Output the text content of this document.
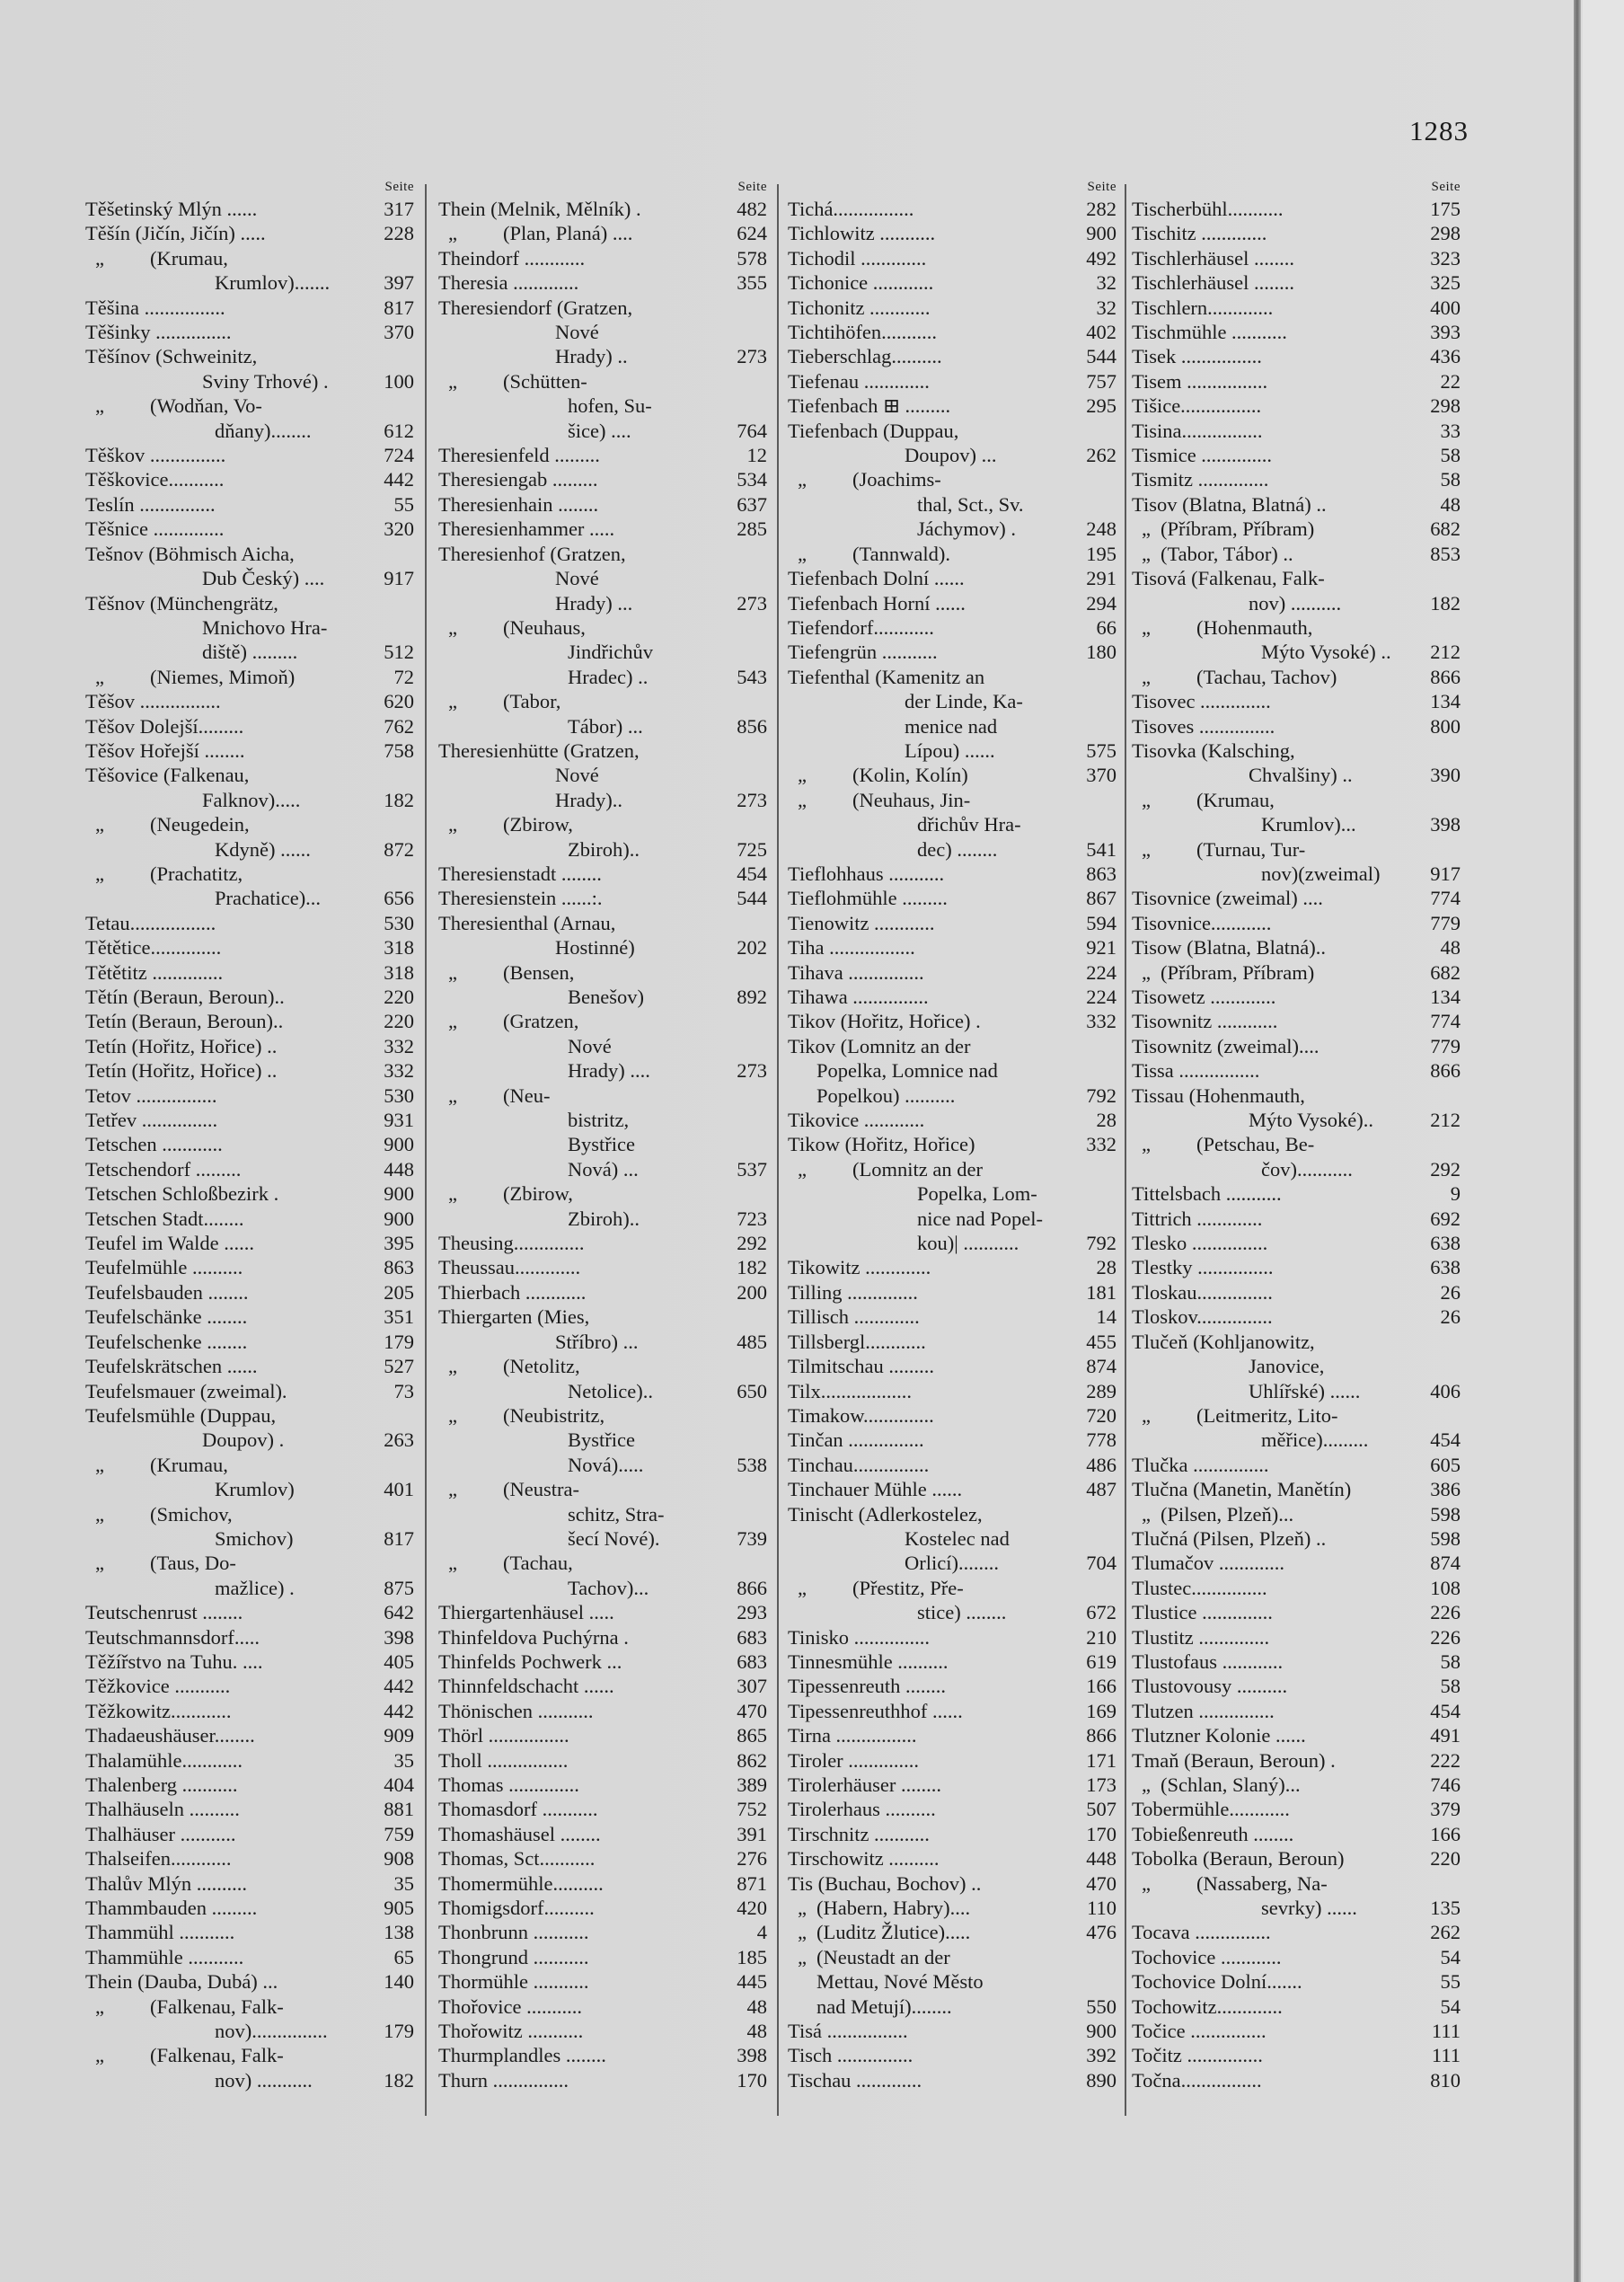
1283
Seite
Těšetinský Mlýn ......	317
Těšín (Jičín, Jičín) .....	228
„ (Krumau,
Krumlov).......	397
Těšina ................	817
Těšinky ...............	370
Těšínov (Schweinitz,
Sviny Trhové) .	100
„ (Wodňan, Vo-
dňany)........	612
Těškov ...............	724
Těškovice...........	442
Teslín ...............	55
Těšnice ..............	320
Tešnov (Böhmisch Aicha,
Dub Český) ....	917
Těšnov (Münchengrätz,
Mnichovo Hra-
diště) .........	512
„	(Niemes, Mimoň)	72
Těšov ................	620
Těšov Dolejší.........	762
Těšov Hořejší ........	758
Těšovice (Falkenau,
Falknov).....	182
„ (Neugedein,
Kdyně) ......	872
„ (Prachatitz,
Prachatice)...	656
Tetau.................	530
Tětětice..............	318
Tětětitz ..............	318
Tětín (Beraun, Beroun)..	220
Tetín (Beraun, Beroun)..	220
Tetín (Hořitz, Hořice) ..	332
Tetín (Hořitz, Hořice) ..	332
Tetov ................	530
Tetřev ...............	931
Tetschen ............	900
Tetschendorf .........	448
Tetschen Schloßbezirk .	900
Tetschen Stadt........	900
Teufel im Walde ......	395
Teufelmühle ..........	863
Teufelsbauden ........	205
Teufelschänke ........	351
Teufelschenke ........	179
Teufelskrätschen ......	527
Teufelsmauer (zweimal).	73
Teufelsmühle (Duppau,
Doupov) .	263
„ (Krumau,
Krumlov)	401
„ (Smichov,
Smichov)	817
„ (Taus, Do-
mažlice) .	875
Teutschenrust ........	642
Teutschmannsdorf.....	398
Těžířstvo na Tuhu. ....	405
Těžkovice ...........	442
Těžkowitz............	442
Thadaeushäuser........	909
Thalamühle............	35
Thalenberg ...........	404
Thalhäuseln ..........	881
Thalhäuser ...........	759
Thalseifen............	908
Thalův Mlýn ..........	35
Thammbauden .........	905
Thammühl ...........	138
Thammühle ...........	65
Thein (Dauba, Dubá) ...	140
„ (Falkenau, Falk-
nov)...............	179
„ (Falkenau, Falk-
nov) ...........	182
Seite
Thein (Melnik, Mělník) .	482
„	(Plan, Planá) ....	624
Theindorf ............	578
Theresia .............	355
Theresiendorf (Gratzen,
Nové
Hrady) ..	273
„ (Schütten-
hofen, Su-
šice) ....	764
Theresienfeld .........	12
Theresiengab .........	534
Theresienhain ........	637
Theresienhammer .....	285
Theresienhof (Gratzen,
Nové
Hrady) ...	273
„ (Neuhaus,
Jindřichův
Hradec) ..	543
„ (Tabor,
Tábor) ...	856
Theresienhütte (Gratzen,
Nové
Hrady)..	273
„ (Zbirow,
Zbiroh)..	725
Theresienstadt ........	454
Theresienstein ......:.	544
Theresienthal (Arnau,
Hostinné)	202
„ (Bensen,
Benešov)	892
„ (Gratzen,
Nové
Hrady) ....	273
„ (Neu-
bistritz,
Bystřice
Nová) ...	537
„ (Zbirow,
Zbiroh)..	723
Theusing..............	292
Theussau.............	182
Thierbach ............	200
Thiergarten (Mies,
Stříbro) ...	485
„ (Netolitz,
Netolice)..	650
„ (Neubistritz,
Bystřice
Nová).....	538
„ (Neustra-
schitz, Stra-
šecí Nové).	739
„ (Tachau,
Tachov)...	866
Thiergartenhäusel .....	293
Thinfeldova Puchýrna .	683
Thinfelds Pochwerk ...	683
Thinnfeldschacht ......	307
Thönischen ...........	470
Thörl ................	865
Tholl ................	862
Thomas ..............	389
Thomasdorf ...........	752
Thomashäusel ........	391
Thomas, Sct...........	276
Thomermühle..........	871
Thomigsdorf..........	420
Thonbrunn ...........	4
Thongrund ...........	185
Thormühle ...........	445
Thořovice ...........	48
Thořowitz ...........	48
Thurmplandles ........	398
Thurn ...............	170
Seite
Tichá................	282
Tichlowitz ...........	900
Tichodil .............	492
Tichonice ............	32
Tichonitz ............	32
Tichtihöfen...........	402
Tieberschlag..........	544
Tiefenau .............	757
Tiefenbach ⊞ .........	295
Tiefenbach (Duppau,
Doupov) ...	262
„ (Joachims-
thal, Sct., Sv.
Jáchymov) .	248
„	(Tannwald).	195
Tiefenbach Dolní ......	291
Tiefenbach Horní ......	294
Tiefendorf............	66
Tiefengrün ...........	180
Tiefenthal (Kamenitz an
der Linde, Ka-
menice nad
Lípou) ......	575
„	(Kolin, Kolín)	370
„ (Neuhaus, Jin-
dřichův Hra-
dec) ........	541
Tieflohhaus ...........	863
Tieflohmühle .........	867
Tienowitz ............	594
Tiha .................	921
Tihava ...............	224
Tihawa ...............	224
Tikov (Hořitz, Hořice) .	332
Tikov (Lomnitz an der
Popelka, Lomnice nad
Popelkou) ..........	792
Tikovice ............	28
Tikow (Hořitz, Hořice)	332
„ (Lomnitz an der
Popelka, Lom-
nice nad Popel-
kou)| ...........	792
Tikowitz .............	28
Tilling ..............	181
Tillisch .............	14
Tillsbergl............	455
Tilmitschau .........	874
Tilx..................	289
Timakow..............	720
Tinčan ...............	778
Tinchau...............	486
Tinchauer Mühle ......	487
Tinischt (Adlerkostelez,
Kostelec nad
Orlicí)........	704
„ (Přestitz, Pře-
stice) ........	672
Tinisko ...............	210
Tinnesmühle ..........	619
Tipessenreuth ........	166
Tipessenreuthhof ......	169
Tirna ................	866
Tiroler ..............	171
Tirolerhäuser ........	173
Tirolerhaus ..........	507
Tirschnitz ...........	170
Tirschowitz ..........	448
Tis (Buchau, Bochov) ..	470
„ (Habern, Habry)....	110
„ (Luditz Žlutice).....	476
„ (Neustadt an der
Mettau, Nové Město
nad Metují)........	550
Tisá ................	900
Tisch ...............	392
Tischau .............	890
Seite
Tischerbühl...........	175
Tischitz .............	298
Tischlerhäusel ........	323
Tischlerhäusel ........	325
Tischlern.............	400
Tischmühle ...........	393
Tisek ................	436
Tisem ................	22
Tišice................	298
Tisina................	33
Tismice ..............	58
Tismitz ..............	58
Tisov (Blatna, Blatná) ..	48
„ (Příbram, Příbram)	682
„ (Tabor, Tábor) ..	853
Tisová (Falkenau, Falk-
nov) ..........	182
„ (Hohenmauth,
Mýto Vysoké) ..	212
„	(Tachau, Tachov)	866
Tisovec ..............	134
Tisoves ...............	800
Tisovka (Kalsching,
Chvalšiny) ..	390
„ (Krumau,
Krumlov)...	398
„ (Turnau, Tur-
nov)(zweimal)	917
Tisovnice (zweimal) ....	774
Tisovnice............	779
Tisow (Blatna, Blatná)..	48
„ (Příbram, Příbram)	682
Tisowetz .............	134
Tisownitz ............	774
Tisownitz (zweimal)....	779
Tissa ................	866
Tissau (Hohenmauth,
Mýto Vysoké)..	212
„ (Petschau, Be-
čov)...........	292
Tittelsbach ...........	9
Tittrich .............	692
Tlesko ...............	638
Tlestky ...............	638
Tloskau...............	26
Tloskov...............	26
Tlučeň (Kohljanowitz,
Janovice,
Uhlířské) ......	406
„ (Leitmeritz, Lito-
měřice).........	454
Tlučka ...............	605
Tlučna (Manetin, Manětín)	386
„ (Pilsen, Plzeň)...	598
Tlučná (Pilsen, Plzeň) ..	598
Tlumačov .............	874
Tlustec...............	108
Tlustice ..............	226
Tlustitz ..............	226
Tlustofaus ............	58
Tlustovousy ..........	58
Tlutzen ...............	454
Tlutzner Kolonie ......	491
Tmaň (Beraun, Beroun) .	222
„ (Schlan, Slaný)...	746
Tobermühle............	379
Tobießenreuth ........	166
Tobolka (Beraun, Beroun)	220
„ (Nassaberg, Na-
sevrky) ......	135
Tocava ...............	262
Tochovice ............	54
Tochovice Dolní.......	55
Tochowitz.............	54
Točice ...............	111
Točitz ...............	111
Točna................	810
